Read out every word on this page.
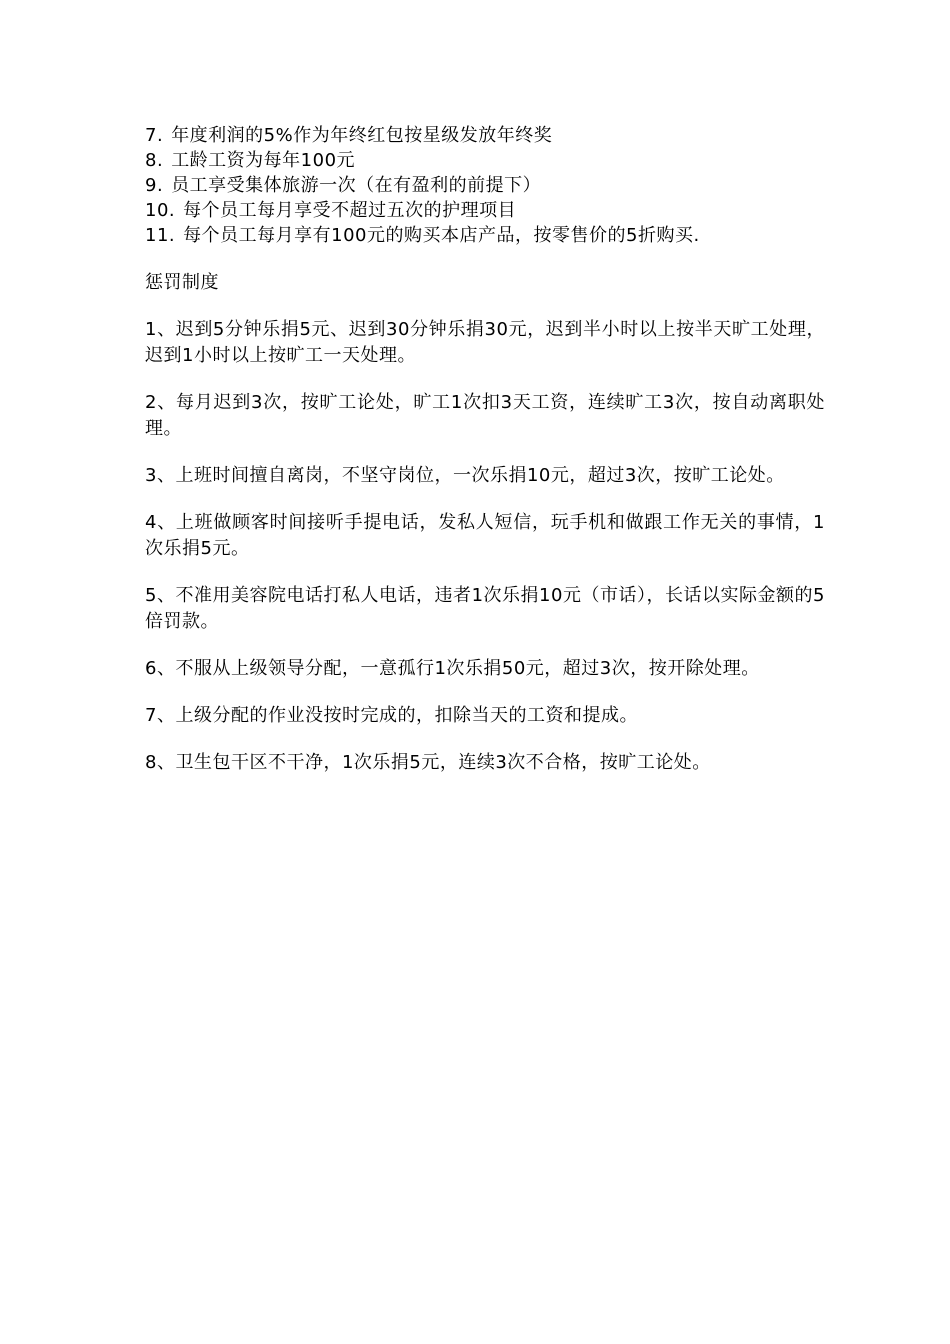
7. 年度利润的5%作为年终红包按星级发放年终奖
8. 工龄工资为每年100元
9. 员工享受集体旅游一次（在有盈利的前提下）
10. 每个员工每月享受不超过五次的护理项目
11. 每个员工每月享有100元的购买本店产品，按零售价的5折购买.
惩罚制度
1、迟到5分钟乐捐5元、迟到30分钟乐捐30元，迟到半小时以上按半天旷工处理，迟到1小时以上按旷工一天处理。
2、每月迟到3次，按旷工论处，旷工1次扣3天工资，连续旷工3次，按自动离职处理。
3、上班时间擅自离岗，不坚守岗位，一次乐捐10元，超过3次，按旷工论处。
4、上班做顾客时间接听手提电话，发私人短信，玩手机和做跟工作无关的事情，1次乐捐5元。
5、不准用美容院电话打私人电话，违者1次乐捐10元（市话），长话以实际金额的5倍罚款。
6、不服从上级领导分配，一意孤行1次乐捐50元，超过3次，按开除处理。
7、上级分配的作业没按时完成的，扣除当天的工资和提成。
8、卫生包干区不干净，1次乐捐5元，连续3次不合格，按旷工论处。
